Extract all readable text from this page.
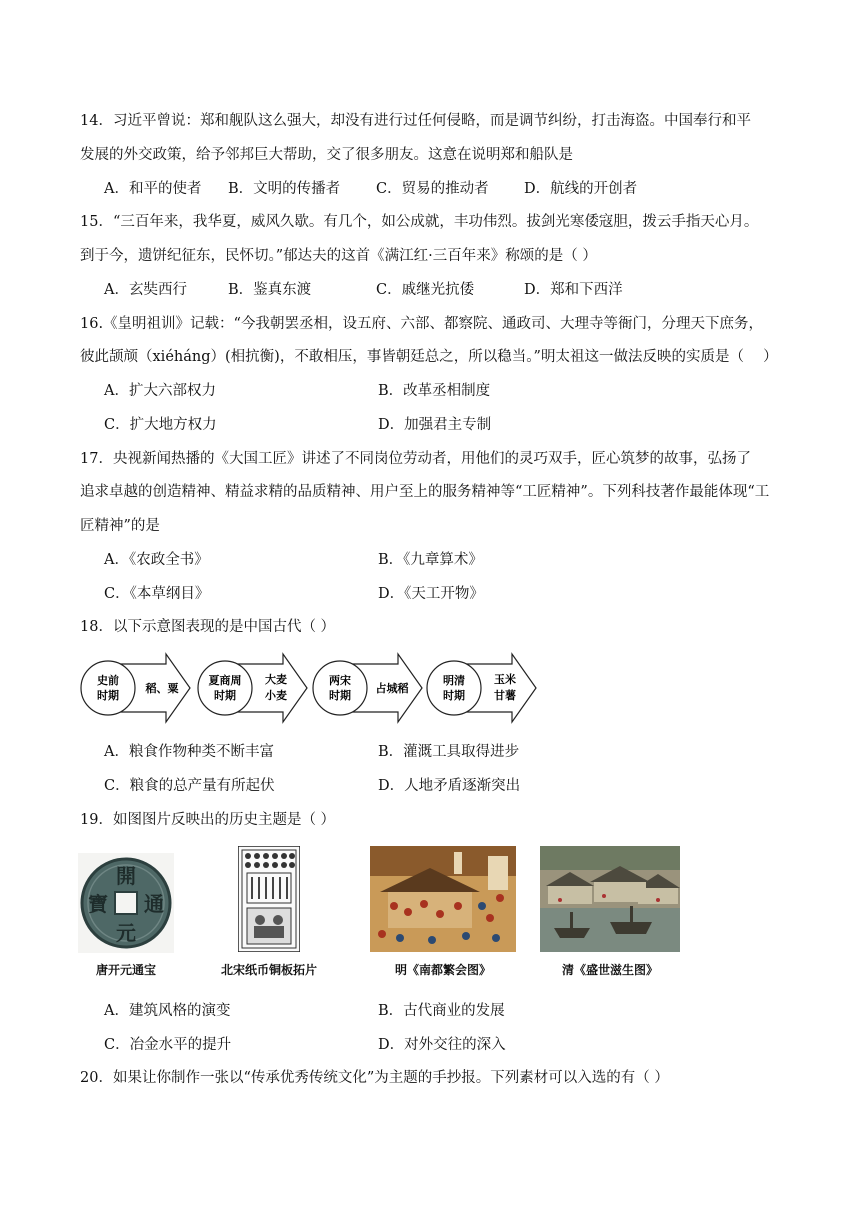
14．习近平曾说：郑和舰队这么强大，却没有进行过任何侵略，而是调节纠纷，打击海盗。中国奉行和平
发展的外交政策，给予邻邦巨大帮助，交了很多朋友。这意在说明郑和船队是
A．和平的使者 B．文明的传播者 C．贸易的推动者 D．航线的开创者
15．“三百年来，我华夏，威风久歇。有几个，如公成就，丰功伟烈。拔剑光寒倭寇胆，拨云手指天心月。
到于今，遗饼纪征东，民怀切。”郁达夫的这首《满江红·三百年来》称颂的是（ ）
A．玄奘西行	B．鉴真东渡	C．戚继光抗倭	D．郑和下西洋
16.《皇明祖训》记载：“今我朝罢丞相，设五府、六部、都察院、通政司、大理寺等衙门，分理天下庶务，
彼此颉颃（xiéháng）(相抗衡)，不敢相压，事皆朝廷总之，所以稳当。”明太祖这一做法反映的实质是（　 ）
A．扩大六部权力	B．改革丞相制度
C．扩大地方权力	D．加强君主专制
17．央视新闻热播的《大国工匠》讲述了不同岗位劳动者，用他们的灵巧双手，匠心筑梦的故事，弘扬了
追求卓越的创造精神、精益求精的品质精神、用户至上的服务精神等“工匠精神”。下列科技著作最能体现“工
匠精神”的是
A．《农政全书》	B．《九章算术》
C．《本草纲目》	D．《天工开物》
18．以下示意图表现的是中国古代（ ）
史前
时期
稻、粟
夏商周
时期
大麦
小麦
两宋
时期
占城稻
明清
时期
玉米
甘薯
A．粮食作物种类不断丰富	B．灌溉工具取得进步
C．粮食的总产量有所起伏	D．人地矛盾逐渐突出
19．如图图片反映出的历史主题是（ ）
開
元
通
寶
唐开元通宝	北宋纸币铜板拓片	明《南都繁会图》	清《盛世滋生图》
A．建筑风格的演变	B．古代商业的发展
C．冶金水平的提升	D．对外交往的深入
20．如果让你制作一张以“传承优秀传统文化”为主题的手抄报。下列素材可以入选的有（ ）
